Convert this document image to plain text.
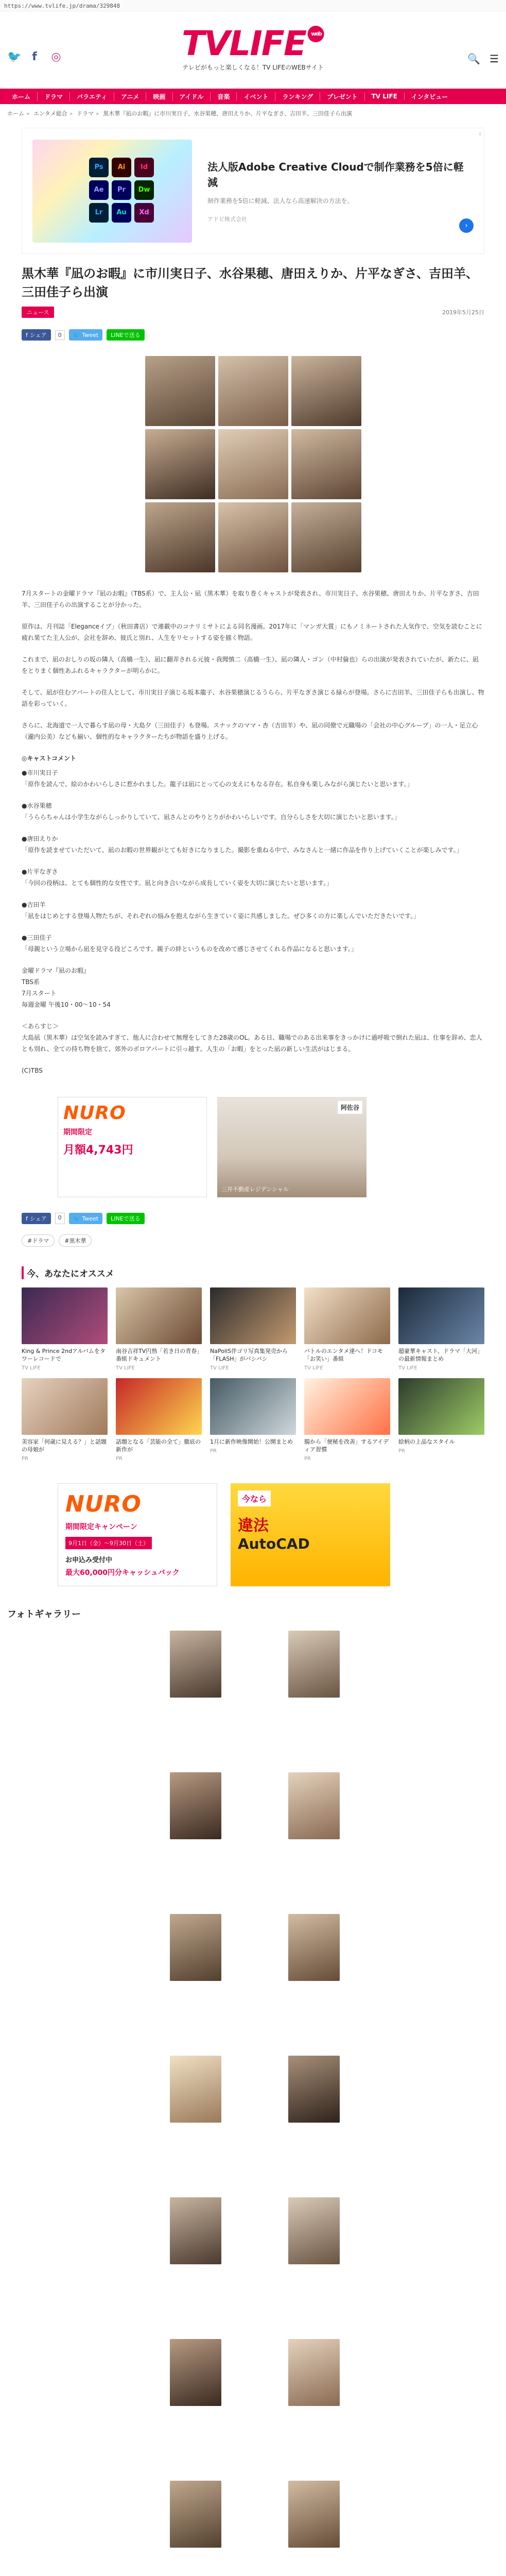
https://www.tvlife.jp/drama/329848
🐦 f ◎	TVLIFE web
テレビがもっと楽しくなる！TV LIFEのWEBサイト
🔍 ☰
ホーム	ドラマ	バラエティ	アニメ	映画	アイドル	音楽	イベント	ランキング	プレゼント	TV LIFE	インタビュー
ホーム » エンタメ総合 » ドラマ » 黒木華『凪のお暇』に市川実日子、水谷果穂、唐田えりか、片平なぎさ、吉田羊、三田佳子ら出演
i
Ps	Ai	Id
Ae	Pr	Dw
Lr	Au	Xd
法人版Adobe Creative Cloudで制作業務を5倍に軽減
制作業務を5倍に軽減、法人なら高速解決の方法を。
アドビ株式会社
›
黒木華『凪のお暇』に市川実日子、水谷果穂、唐田えりか、片平なぎさ、吉田羊、三田佳子ら出演
ニュース	2019年5月25日
f シェア	0	🐦 Tweet	LINEで送る

7月スタートの金曜ドラマ『凪のお暇』（TBS系）で、主人公・凪（黒木華）を取り巻くキャストが発表され、市川実日子、水谷果穂、唐田えりか、片平なぎさ、吉田羊、三田佳子らの出演することが分かった。

原作は、月刊誌「Eleganceイブ」（秋田書店）で連載中のコナリミサトによる同名漫画。2017年に「マンガ大賞」にもノミネートされた人気作で、空気を読むことに疲れ果てた主人公が、会社を辞め、彼氏と別れ、人生をリセットする姿を描く物語。

これまで、凪のおしりの坂の隣人（高橋一生）、凪に翻弄される元彼・我聞慎二（高橋一生）、凪の隣人・ゴン（中村倫也）らの出演が発表されていたが、新たに、凪をとりまく個性あふれるキャラクターが明らかに。

そして、凪が住むアパートの住人として、市川実日子演じる坂本龍子、水谷果穂演じるうらら、片平なぎさ演じる緑らが登場。さらに吉田羊、三田佳子らも出演し、物語を彩っていく。

さらに、北海道で一人で暮らす凪の母・大島夕（三田佳子）も登場。スナックのママ・杏（吉田羊）や、凪の同僚で元職場の「会社の中心グループ」の一人・足立心（瀧内公美）なども揃い、個性的なキャラクターたちが物語を盛り上げる。

◎キャストコメント

●市川実日子
「原作を読んで、絵のかわいらしさに惹かれました。龍子は凪にとって心の支えにもなる存在。私自身も楽しみながら演じたいと思います。」

●水谷果穂
「うららちゃんは小学生ながらしっかりしていて、凪さんとのやりとりがかわいらしいです。自分らしさを大切に演じたいと思います。」

●唐田えりか
「原作を読ませていただいて、凪のお暇の世界観がとても好きになりました。撮影を重ねる中で、みなさんと一緒に作品を作り上げていくことが楽しみです。」

●片平なぎさ
「今回の役柄は、とても個性的な女性です。凪と向き合いながら成長していく姿を大切に演じたいと思います。」

●吉田羊
「凪をはじめとする登場人物たちが、それぞれの悩みを抱えながら生きていく姿に共感しました。ぜひ多くの方に楽しんでいただきたいです。」

●三田佳子
「母親という立場から凪を見守る役どころです。親子の絆というものを改めて感じさせてくれる作品になると思います。」

金曜ドラマ『凪のお暇』
TBS系
7月スタート
毎週金曜 午後10・00〜10・54

＜あらすじ＞
大島凪（黒木華）は空気を読みすぎて、他人に合わせて無理をしてきた28歳のOL。ある日、職場でのある出来事をきっかけに過呼吸で倒れた凪は、仕事を辞め、恋人とも別れ、全ての持ち物を捨て、郊外のボロアパートに引っ越す。人生の「お暇」をとった凪の新しい生活がはじまる。

(C)TBS

NURO
期間限定
月額4,743円
阿佐谷
三井不動産レジデンシャル
f シェア	0	🐦 Tweet	LINEで送る
#ドラマ	#黒木華
今、あなたにオススメ
King & Prince 2ndアルバムをタワーレコードで
TV LIFE
南谷吉祥TV円熟「若き日の青春」番組ドキュメント
TV LIFE
NaPoliS伴ゴリ写真集発売から「FLASH」がバシバシ
TV LIFE
バトルのエンタメ達へ！ドコモ「お笑い」番組
TV LIFE
超豪華キャスト、ドラマ「大河」の最新情報まとめ
TV LIFE
美容家「何歳に見える？」と話題の母娘が
PR
話題となる「芸能の全て」徹底の新作が
PR
1月に新作映像開始！公開まとめ
PR
腸から「便秘を改善」するアイディア習慣
PR
絵柄の上品なスタイル
PR
NURO
期間限定キャンペーン
9月1日（金）〜9月30日（土）
お申込み受付中
最大60,000円分キャッシュバック
今なら
違法
AutoCAD
フォトギャラリー
